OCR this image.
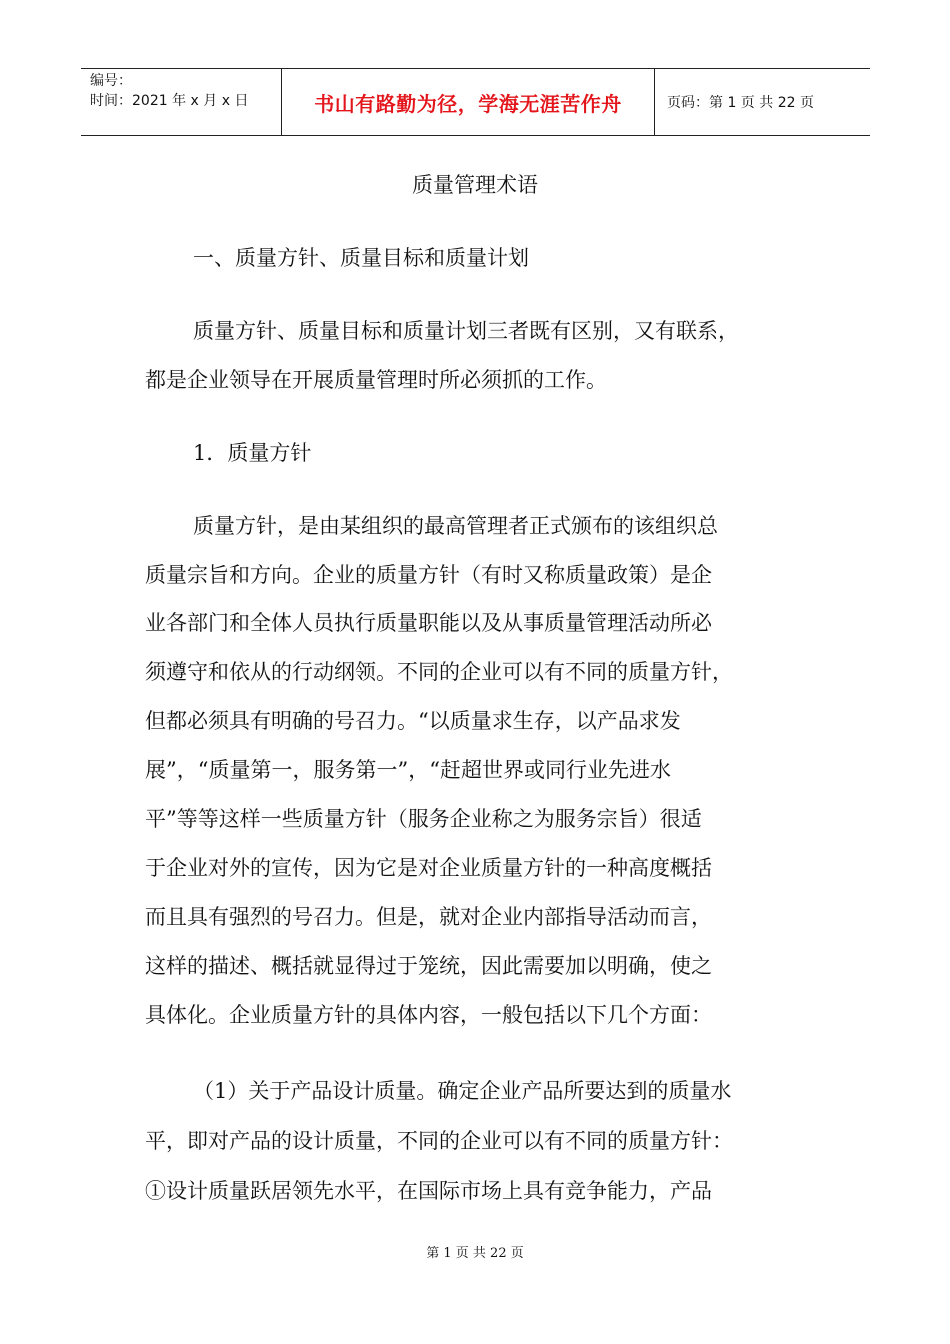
编号：
时间：2021 年 x 月 x 日	书山有路勤为径，学海无涯苦作舟	页码：第 1 页 共 22 页
质量管理术语
一、质量方针、质量目标和质量计划
质量方针、质量目标和质量计划三者既有区别，又有联系，
都是企业领导在开展质量管理时所必须抓的工作。
1．质量方针
质量方针，是由某组织的最高管理者正式颁布的该组织总
质量宗旨和方向。企业的质量方针（有时又称质量政策）是企
业各部门和全体人员执行质量职能以及从事质量管理活动所必
须遵守和依从的行动纲领。不同的企业可以有不同的质量方针，
但都必须具有明确的号召力。“以质量求生存，以产品求发
展”，“质量第一，服务第一”，“赶超世界或同行业先进水
平”等等这样一些质量方针（服务企业称之为服务宗旨）很适
于企业对外的宣传，因为它是对企业质量方针的一种高度概括
而且具有强烈的号召力。但是，就对企业内部指导活动而言，
这样的描述、概括就显得过于笼统，因此需要加以明确，使之
具体化。企业质量方针的具体内容，一般包括以下几个方面：
（1）关于产品设计质量。确定企业产品所要达到的质量水
平，即对产品的设计质量，不同的企业可以有不同的质量方针：
①设计质量跃居领先水平，在国际市场上具有竞争能力，产品
第 1 页 共 22 页
